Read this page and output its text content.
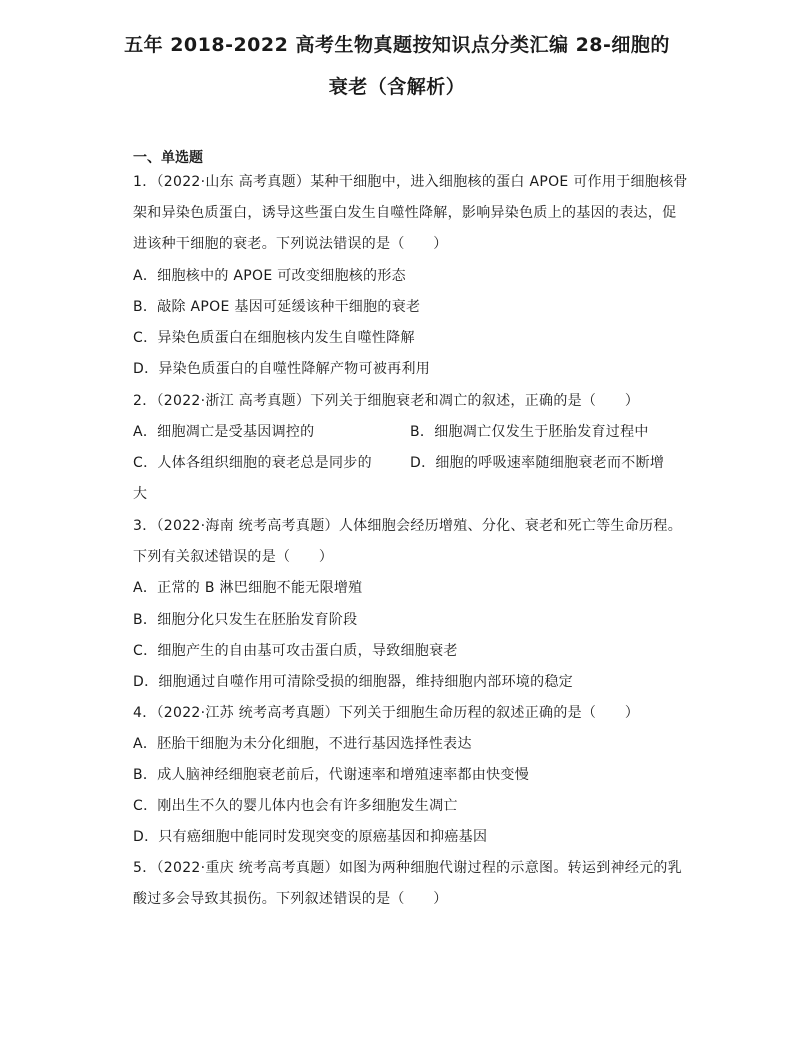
五年 2018-2022 高考生物真题按知识点分类汇编 28-细胞的
衰老（含解析）
一、单选题
1．（2022·山东 高考真题）某种干细胞中，进入细胞核的蛋白 APOE 可作用于细胞核骨
架和异染色质蛋白，诱导这些蛋白发生自噬性降解，影响异染色质上的基因的表达，促
进该种干细胞的衰老。下列说法错误的是（　　）
A．细胞核中的 APOE 可改变细胞核的形态
B．敲除 APOE 基因可延缓该种干细胞的衰老
C．异染色质蛋白在细胞核内发生自噬性降解
D．异染色质蛋白的自噬性降解产物可被再利用
2．（2022·浙江 高考真题）下列关于细胞衰老和凋亡的叙述，正确的是（　　）
A．细胞凋亡是受基因调控的	B．细胞凋亡仅发生于胚胎发育过程中
C．人体各组织细胞的衰老总是同步的	D．细胞的呼吸速率随细胞衰老而不断增
大
3．（2022·海南 统考高考真题）人体细胞会经历增殖、分化、衰老和死亡等生命历程。
下列有关叙述错误的是（　　）
A．正常的 B 淋巴细胞不能无限增殖
B．细胞分化只发生在胚胎发育阶段
C．细胞产生的自由基可攻击蛋白质，导致细胞衰老
D．细胞通过自噬作用可清除受损的细胞器，维持细胞内部环境的稳定
4．（2022·江苏 统考高考真题）下列关于细胞生命历程的叙述正确的是（　　）
A．胚胎干细胞为未分化细胞，不进行基因选择性表达
B．成人脑神经细胞衰老前后，代谢速率和增殖速率都由快变慢
C．刚出生不久的婴儿体内也会有许多细胞发生凋亡
D．只有癌细胞中能同时发现突变的原癌基因和抑癌基因
5．（2022·重庆 统考高考真题）如图为两种细胞代谢过程的示意图。转运到神经元的乳
酸过多会导致其损伤。下列叙述错误的是（　　）
